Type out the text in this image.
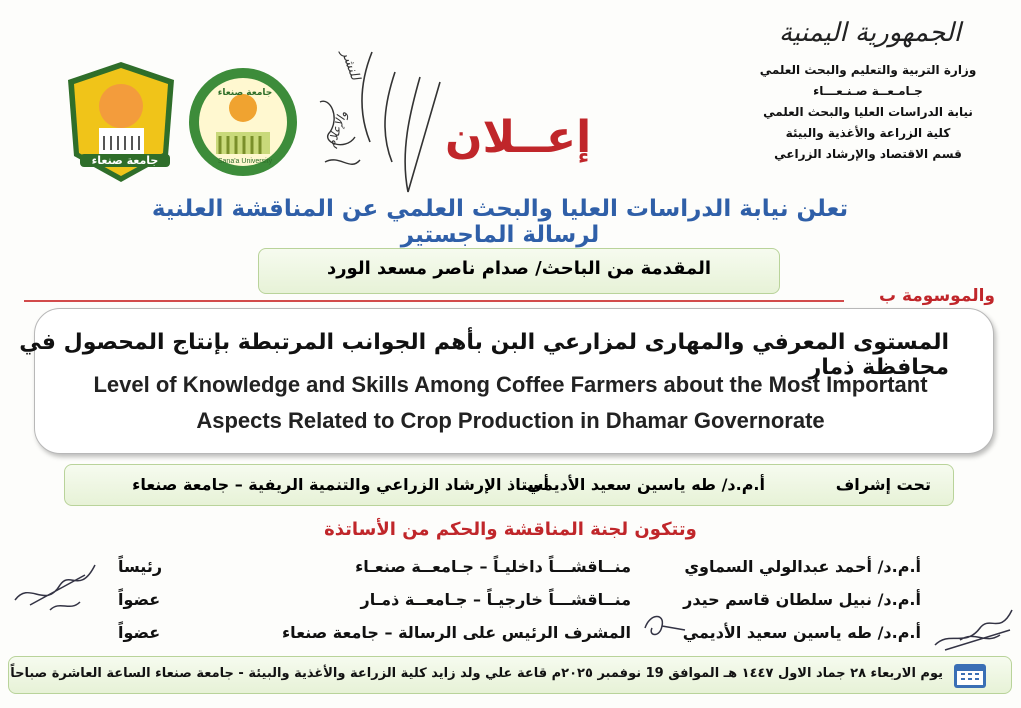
الجمهورية اليمنية
وزارة التربية والتعليم والبحث العلمي
جـامـعــة صـنـعـــاء
نيابة الدراسات العليا والبحث العلمي
كلية الزراعة والأغذية والبيئة
قسم الاقتصاد والإرشاد الزراعي
للنشر
والإعلام
جامعة صنعاء
جامعة صنعاء
Sana'a University	إعــلان
تعلن نيابة الدراسات العليا والبحث العلمي عن المناقشة العلنية لرسالة الماجستير
المقدمة من الباحث/ صدام ناصر مسعد الورد
والموسومة ب
المستوى المعرفي والمهارى لمزارعي البن بأهم الجوانب المرتبطة بإنتاج المحصول في محافظة ذمار
Level of Knowledge and Skills Among Coffee Farmers about the Most Important
Aspects Related to Crop Production in Dhamar Governorate
تحت إشراف
أ.م.د/ طه ياسين سعيد الأديمي
أستاذ الإرشاد الزراعي والتنمية الريفية – جامعة صنعاء
وتتكون لجنة المناقشة والحكم من الأساتذة
أ.م.د/ أحمد عبدالولي السماوي
منــاقشـــاً داخليـاً – جـامعــة صنعـاء
رئيساً
أ.م.د/ نبيل سلطان قاسم حيدر
منــاقشـــاً خارجيـاً – جـامعــة ذمـار
عضواً
أ.م.د/ طه ياسين سعيد الأديمي
المشرف الرئيس على الرسالة – جامعة صنعاء
عضواً
يوم الاربعاء ٢٨ جماد الاول ١٤٤٧ هـ الموافق 19 نوفمبر ٢٠٢٥م قاعة علي ولد زايد كلية الزراعة والأغذية والبيئة - جامعة صنعاء الساعة العاشرة صباحاً
